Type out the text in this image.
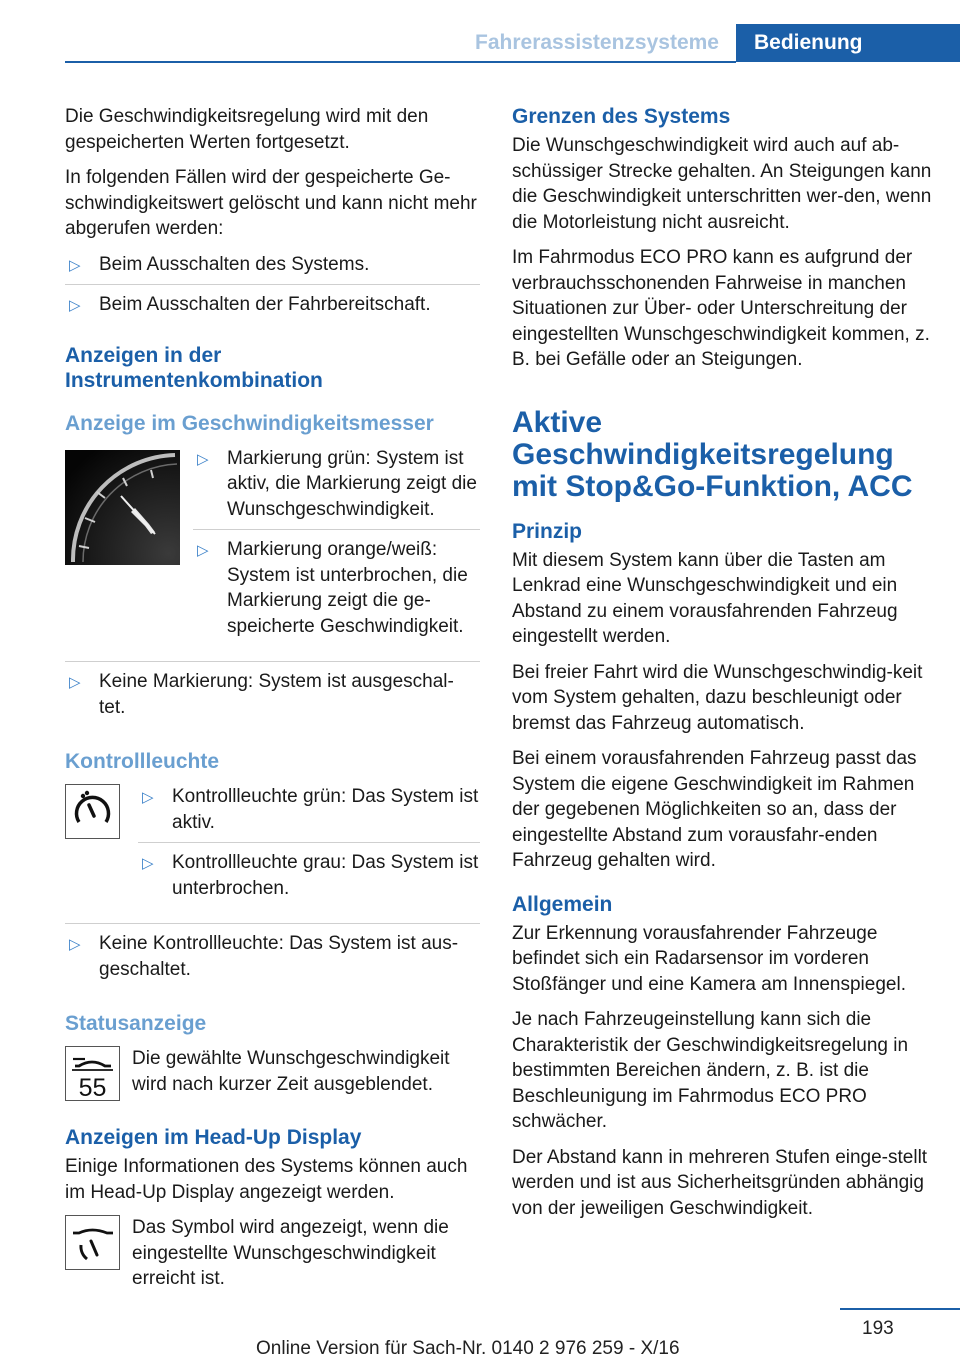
Fahrerassistenzsysteme	Bedienung

Die Geschwindigkeitsregelung wird mit den gespeicherten Werten fortgesetzt.

In folgenden Fällen wird der gespeicherte Ge‐schwindigkeitswert gelöscht und kann nicht mehr abgerufen werden:

▷ Beim Ausschalten des Systems.
▷ Beim Ausschalten der Fahrbereitschaft.
Anzeigen in der Instrumentenkombination
Anzeige im Geschwindigkeitsmesser
▷ Markierung grün: System ist aktiv, die Markierung zeigt die Wunschgeschwindigkeit.
▷ Markierung orange/weiß: System ist unterbrochen, die Markierung zeigt die ge‐speicherte Geschwindigkeit.
▷ Keine Markierung: System ist ausgeschal‐tet.
Kontrollleuchte
▷ Kontrollleuchte grün: Das System ist aktiv.
▷ Kontrollleuchte grau: Das System ist unterbrochen.
▷ Keine Kontrollleuchte: Das System ist aus‐geschaltet.
Statusanzeige
55
Die gewählte Wunschgeschwindigkeit wird nach kurzer Zeit ausgeblendet.
Anzeigen im Head-Up Display

Einige Informationen des Systems können auch im Head-Up Display angezeigt werden.

Das Symbol wird angezeigt, wenn die eingestellte Wunschgeschwindigkeit erreicht ist.
Grenzen des Systems

Die Wunschgeschwindigkeit wird auch auf ab‐schüssiger Strecke gehalten. An Steigungen kann die Geschwindigkeit unterschritten wer‐den, wenn die Motorleistung nicht ausreicht.

Im Fahrmodus ECO PRO kann es aufgrund der verbrauchsschonenden Fahrweise in manchen Situationen zur Über- oder Unterschreitung der eingestellten Wunschgeschwindigkeit kommen, z. B. bei Gefälle oder an Steigungen.

Aktive Geschwindigkeitsregelung mit Stop&Go-Funktion, ACC
Prinzip

Mit diesem System kann über die Tasten am Lenkrad eine Wunschgeschwindigkeit und ein Abstand zu einem vorausfahrenden Fahrzeug eingestellt werden.

Bei freier Fahrt wird die Wunschgeschwindig‐keit vom System gehalten, dazu beschleunigt oder bremst das Fahrzeug automatisch.

Bei einem vorausfahrenden Fahrzeug passt das System die eigene Geschwindigkeit im Rahmen der gegebenen Möglichkeiten so an, dass der eingestellte Abstand zum vorausfahr‐enden Fahrzeug gehalten wird.

Allgemein

Zur Erkennung vorausfahrender Fahrzeuge befindet sich ein Radarsensor im vorderen Stoßfänger und eine Kamera am Innenspiegel.

Je nach Fahrzeugeinstellung kann sich die Charakteristik der Geschwindigkeitsregelung in bestimmten Bereichen ändern, z. B. ist die Beschleunigung im Fahrmodus ECO PRO schwächer.

Der Abstand kann in mehreren Stufen einge‐stellt werden und ist aus Sicherheitsgründen abhängig von der jeweiligen Geschwindigkeit.

193
Online Version für Sach-Nr. 0140 2 976 259 - X/16
